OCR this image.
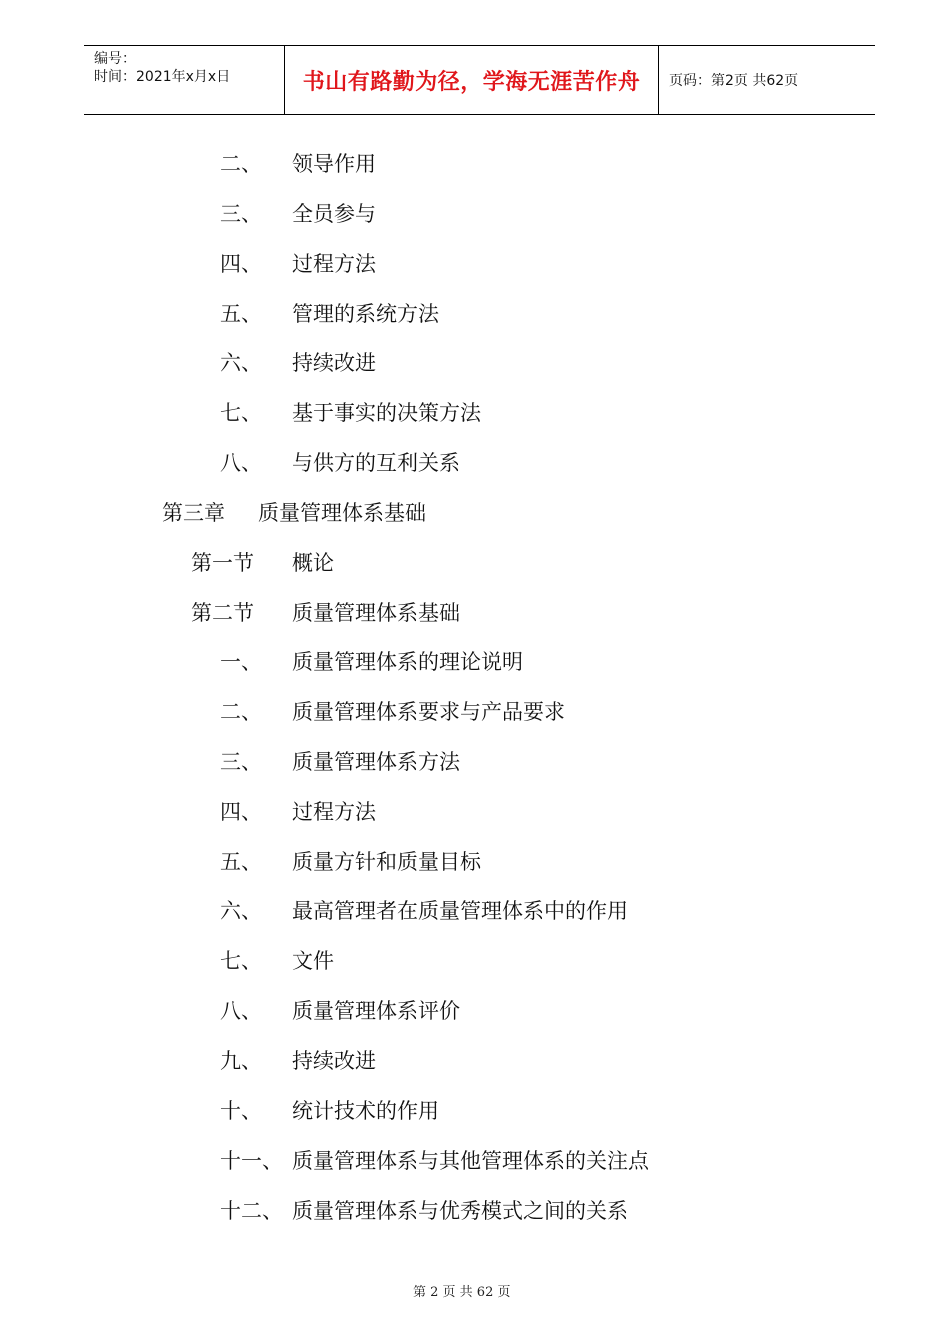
编号：
时间：2021年x月x日	书山有路勤为径，学海无涯苦作舟	页码：第2页 共62页
二、 领导作用
三、 全员参与
四、 过程方法
五、 管理的系统方法
六、 持续改进
七、 基于事实的决策方法
八、 与供方的互利关系
第三章 质量管理体系基础
第一节 概论
第二节 质量管理体系基础
一、 质量管理体系的理论说明
二、 质量管理体系要求与产品要求
三、 质量管理体系方法
四、 过程方法
五、 质量方针和质量目标
六、 最高管理者在质量管理体系中的作用
七、 文件
八、 质量管理体系评价
九、 持续改进
十、 统计技术的作用
十一、 质量管理体系与其他管理体系的关注点
十二、 质量管理体系与优秀模式之间的关系
第 2 页 共 62 页
